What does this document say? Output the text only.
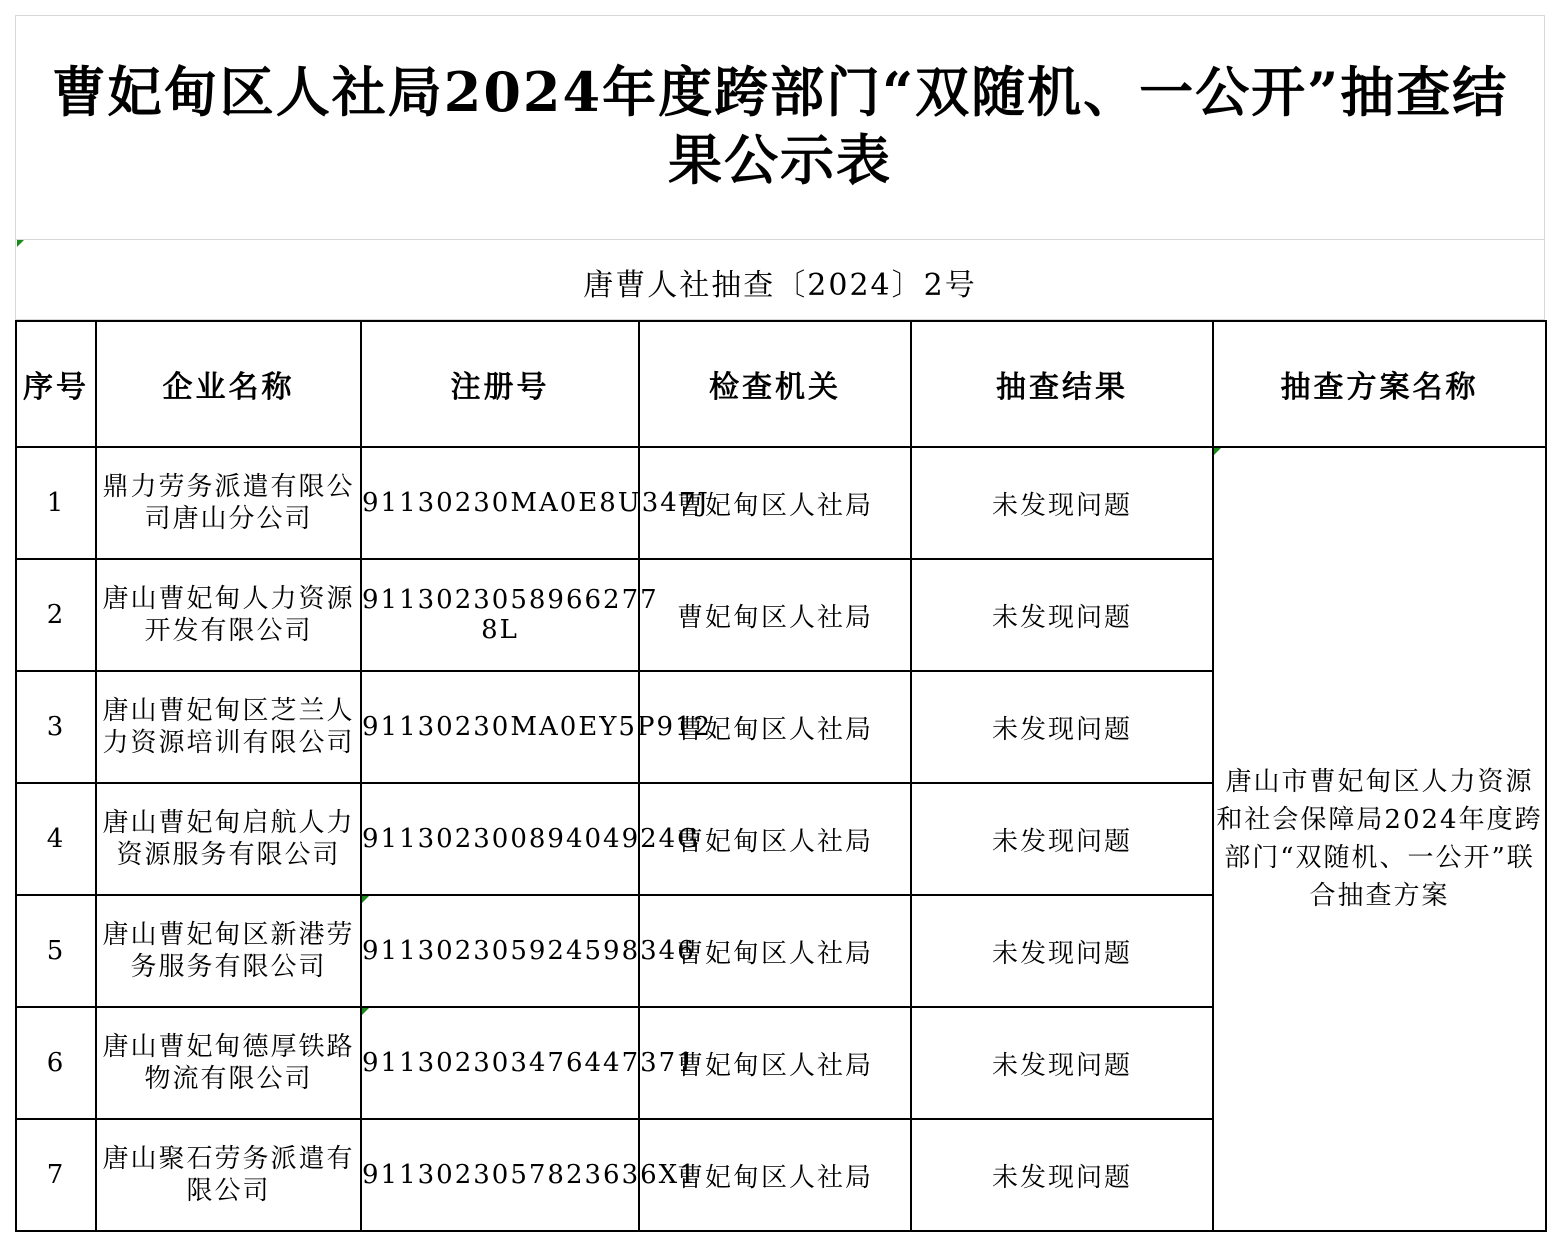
曹妃甸区人社局2024年度跨部门“双随机、一公开”抽查结果公示表
唐曹人社抽查〔2024〕2号
序号	企业名称	注册号	检查机关	抽查结果	抽查方案名称
1	鼎力劳务派遣有限公司唐山分公司	91130230MA0E8U347J	曹妃甸区人社局	未发现问题	唐山市曹妃甸区人力资源和社会保障局2024年度跨部门“双随机、一公开”联合抽查方案
2	唐山曹妃甸人力资源开发有限公司	9113023058966277 8L	曹妃甸区人社局	未发现问题	
3	唐山曹妃甸区芝兰人力资源培训有限公司	91130230MA0EY5P912	曹妃甸区人社局	未发现问题	
4	唐山曹妃甸启航人力资源服务有限公司	91130230089404924G	曹妃甸区人社局	未发现问题	
5	唐山曹妃甸区新港劳务服务有限公司	911302305924598346	曹妃甸区人社局	未发现问题	
6	唐山曹妃甸德厚铁路物流有限公司	911302303476447371	曹妃甸区人社局	未发现问题	
7	唐山聚石劳务派遣有限公司	9113023057823636X1	曹妃甸区人社局	未发现问题	
